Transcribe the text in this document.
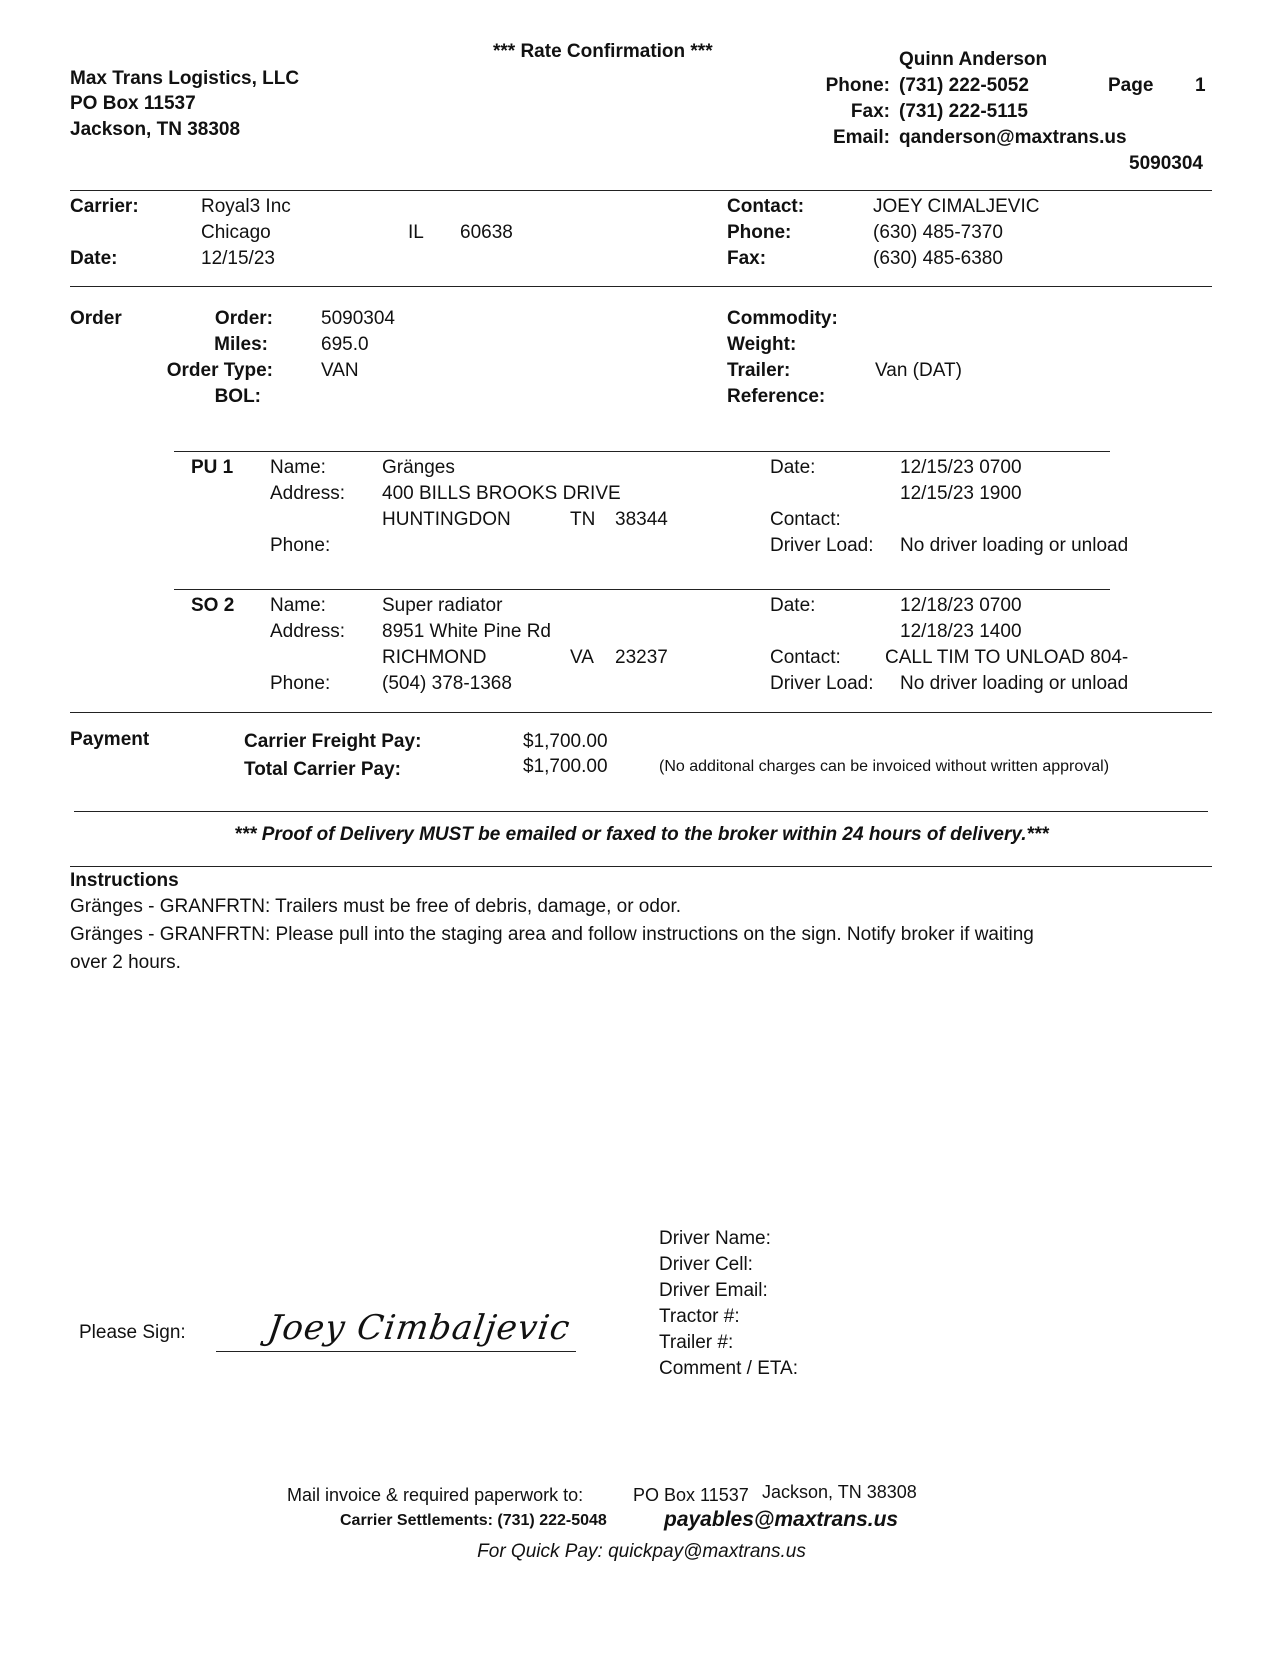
*** Rate Confirmation ***
Max Trans Logistics, LLC
PO Box 11537
Jackson, TN 38308
Quinn Anderson
Phone: (731) 222-5052
Fax: (731) 222-5115
Email: qanderson@maxtrans.us
Page 1
5090304
Carrier:	Royal3 Inc
Chicago	IL 60638
Date:	12/15/23
Contact:	JOEY CIMALJEVIC
Phone:	(630) 485-7370
Fax:	(630) 485-6380
Order	Order:	5090304
Miles:	695.0
Order Type:	VAN
BOL:
Commodity:
Weight:
Trailer:	Van (DAT)
Reference:
PU 1 Name:	Gränges
Address: 400 BILLS BROOKS DRIVE
HUNTINGDON	TN 38344
Phone:
Date:	12/15/23 0700
12/15/23 1900
Contact:
Driver Load: No driver loading or unload
SO 2 Name:	Super radiator
Address: 8951 White Pine Rd
RICHMOND	VA 23237
Phone:	(504) 378-1368
Date:	12/18/23 0700
12/18/23 1400
Contact: CALL TIM TO UNLOAD 804-
Driver Load: No driver loading or unload
Payment	Carrier Freight Pay:	$1,700.00
Total Carrier Pay:	$1,700.00	(No additonal charges can be invoiced without written approval)
*** Proof of Delivery MUST be emailed or faxed to the broker within 24 hours of delivery.***
Instructions
Gränges - GRANFRTN: Trailers must be free of debris, damage, or odor.
Gränges - GRANFRTN: Please pull into the staging area and follow instructions on the sign. Notify broker if waiting
over 2 hours.
Please Sign: Joey Cimbaljevic
Driver Name:
Driver Cell:
Driver Email:
Tractor #:
Trailer #:
Comment / ETA:
Mail invoice & required paperwork to:	PO Box 11537 Jackson, TN 38308
Carrier Settlements: (731) 222-5048	payables@maxtrans.us
For Quick Pay: quickpay@maxtrans.us
